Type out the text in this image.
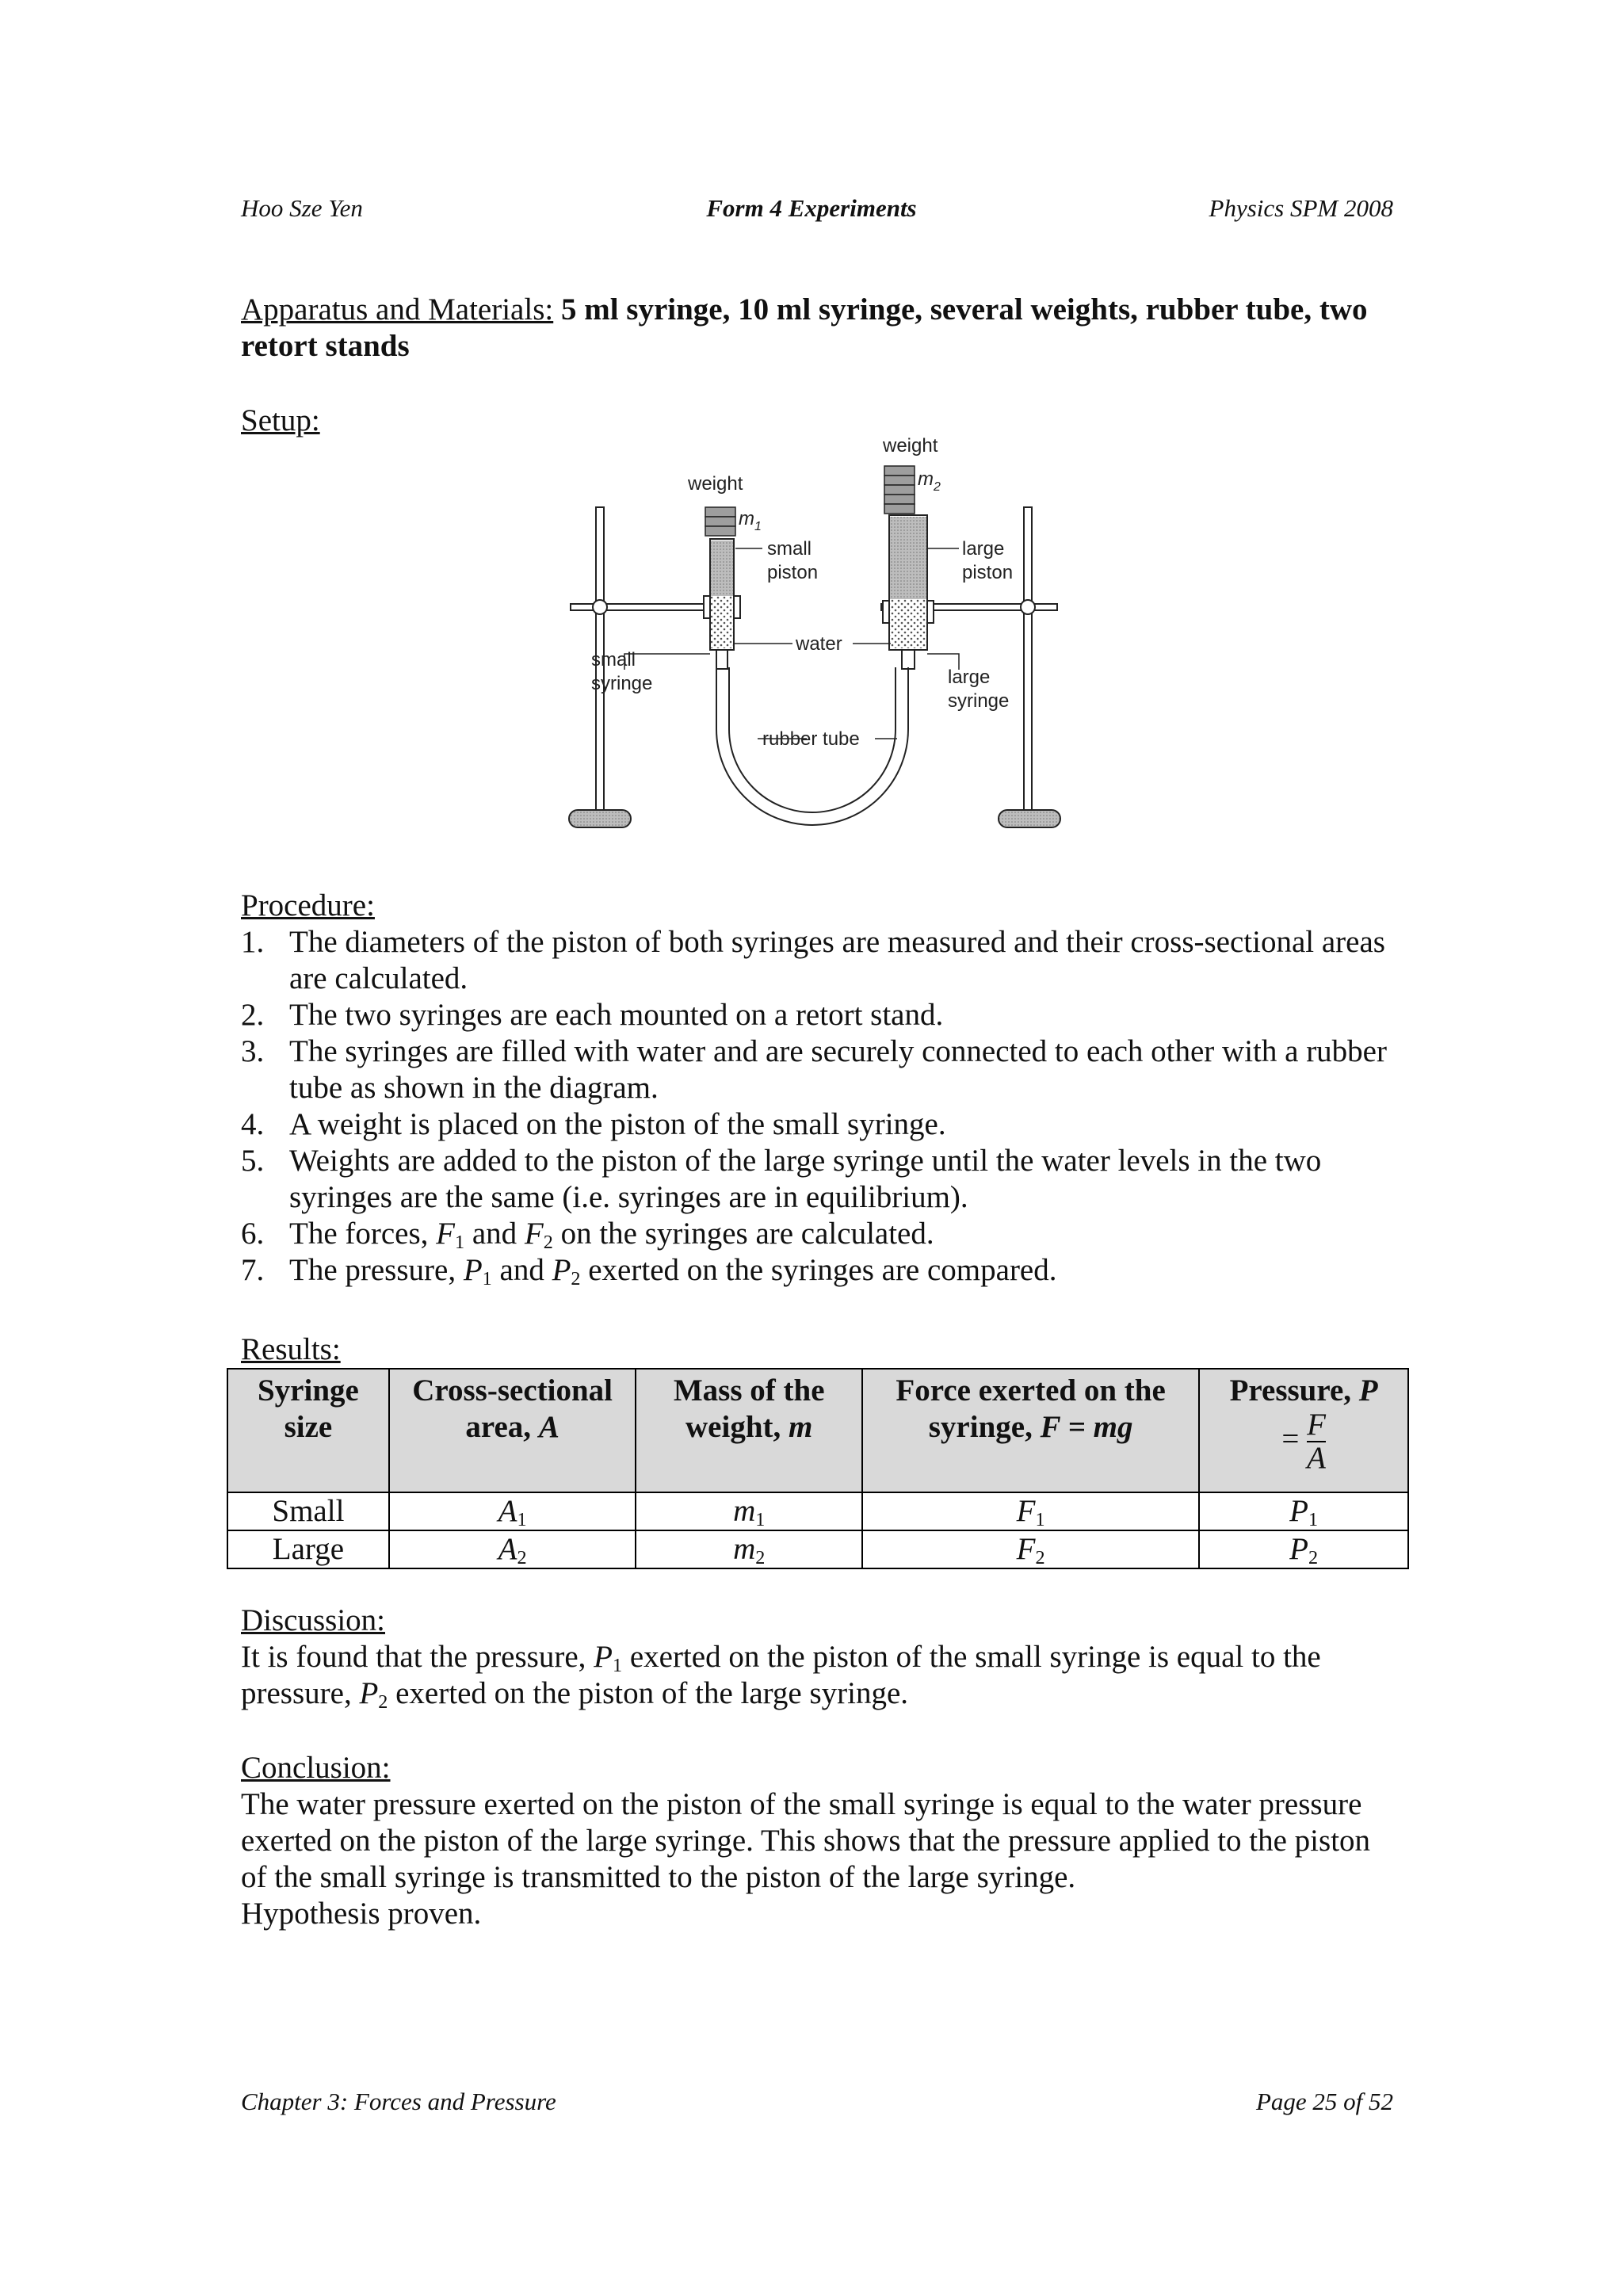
Hoo Sze Yen	Form 4 Experiments	Physics SPM 2008
Apparatus and Materials: 5 ml syringe, 10 ml syringe, several weights, rubber tube, two retort stands
Setup:
weight
weight
$m_1$
$m_2$
small
piston
large
piston
water
small
syringe	large
syringe
rubber tube
Procedure:
1. The diameters of the piston of both syringes are measured and their cross-sectional areas are calculated.
2. The two syringes are each mounted on a retort stand.
3. The syringes are filled with water and are securely connected to each other with a rubber tube as shown in the diagram.
4. A weight is placed on the piston of the small syringe.
5. Weights are added to the piston of the large syringe until the water levels in the two syringes are the same (i.e. syringes are in equilibrium).
6. The forces, $F_1$ and $F_2$ on the syringes are calculated.
7. The pressure, $P_1$ and $P_2$ exerted on the syringes are compared.
Results:
Syringe size	Cross-sectional area, A	Mass of the weight, m	Force exerted on the syringe, F = mg	Pressure, P
= $\frac{F}{A}$

Small	$A_1$	$m_1$	$F_1$	$P_1$
Large	$A_2$	$m_2$	$F_2$	$P_2$
Discussion:
It is found that the pressure, $P_1$ exerted on the piston of the small syringe is equal to the pressure, $P_2$ exerted on the piston of the large syringe.
Conclusion:
The water pressure exerted on the piston of the small syringe is equal to the water pressure exerted on the piston of the large syringe. This shows that the pressure applied to the piston of the small syringe is transmitted to the piston of the large syringe.
Hypothesis proven.
Chapter 3: Forces and Pressure	Page 25 of 52
